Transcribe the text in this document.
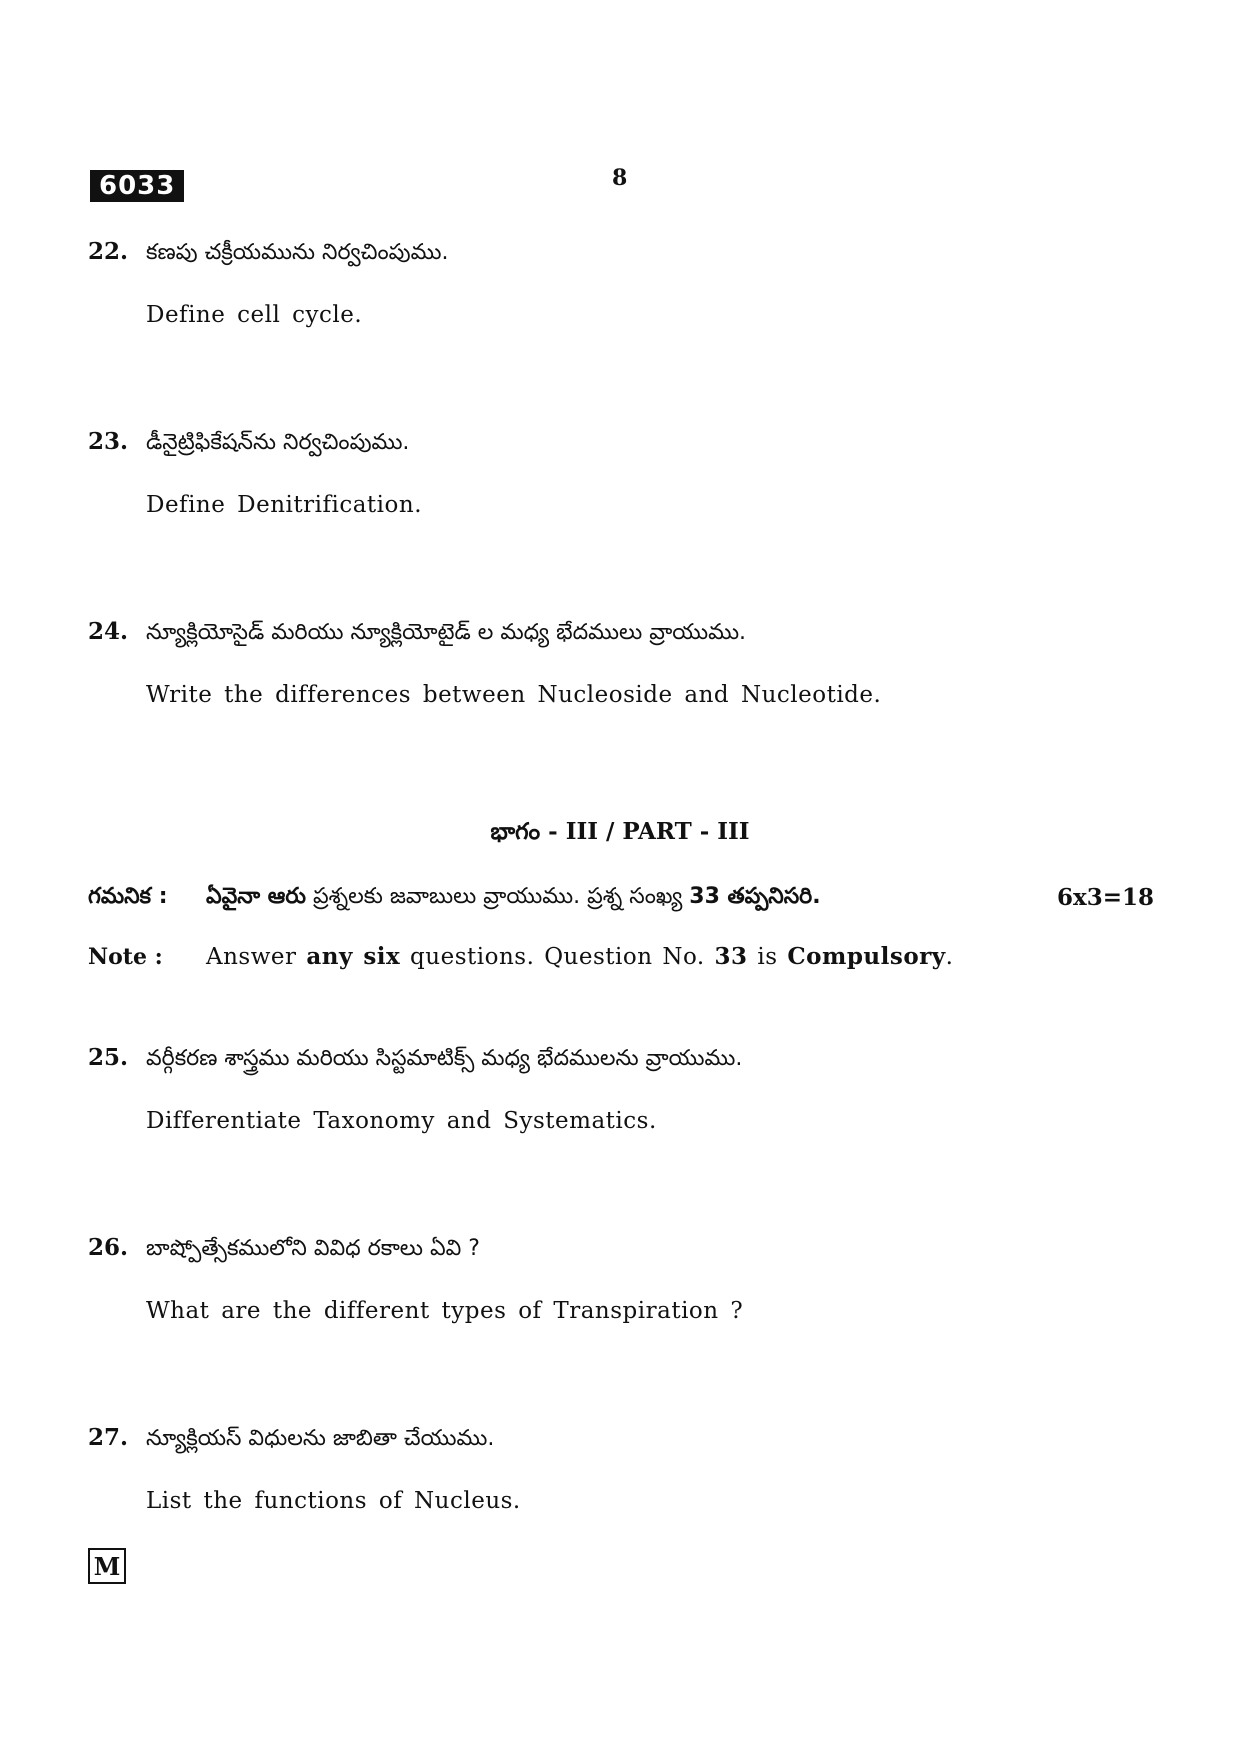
6033	8
22. కణపు చక్రీయమును నిర్వచింపుము.
Define cell cycle.
23. డీనైట్రిఫికేషన్‌ను నిర్వచింపుము.
Define Denitrification.
24. న్యూక్లియోసైడ్ మరియు న్యూక్లియోటైడ్ ల మధ్య భేదములు వ్రాయుము.
Write the differences between Nucleoside and Nucleotide.
భాగం - III / PART - III
గమనిక :	ఏవైనా ఆరు ప్రశ్నలకు జవాబులు వ్రాయుము. ప్రశ్న సంఖ్య 33 తప్పనిసరి.	6x3=18
Note :	Answer any six questions. Question No. 33 is Compulsory.
25. వర్గీకరణ శాస్త్రము మరియు సిస్టమాటిక్స్ మధ్య భేదములను వ్రాయుము.
Differentiate Taxonomy and Systematics.
26. బాష్పోత్సేకములోని వివిధ రకాలు ఏవి ?
What are the different types of Transpiration ?
27. న్యూక్లియస్ విధులను జాబితా చేయుము.
List the functions of Nucleus.
M
